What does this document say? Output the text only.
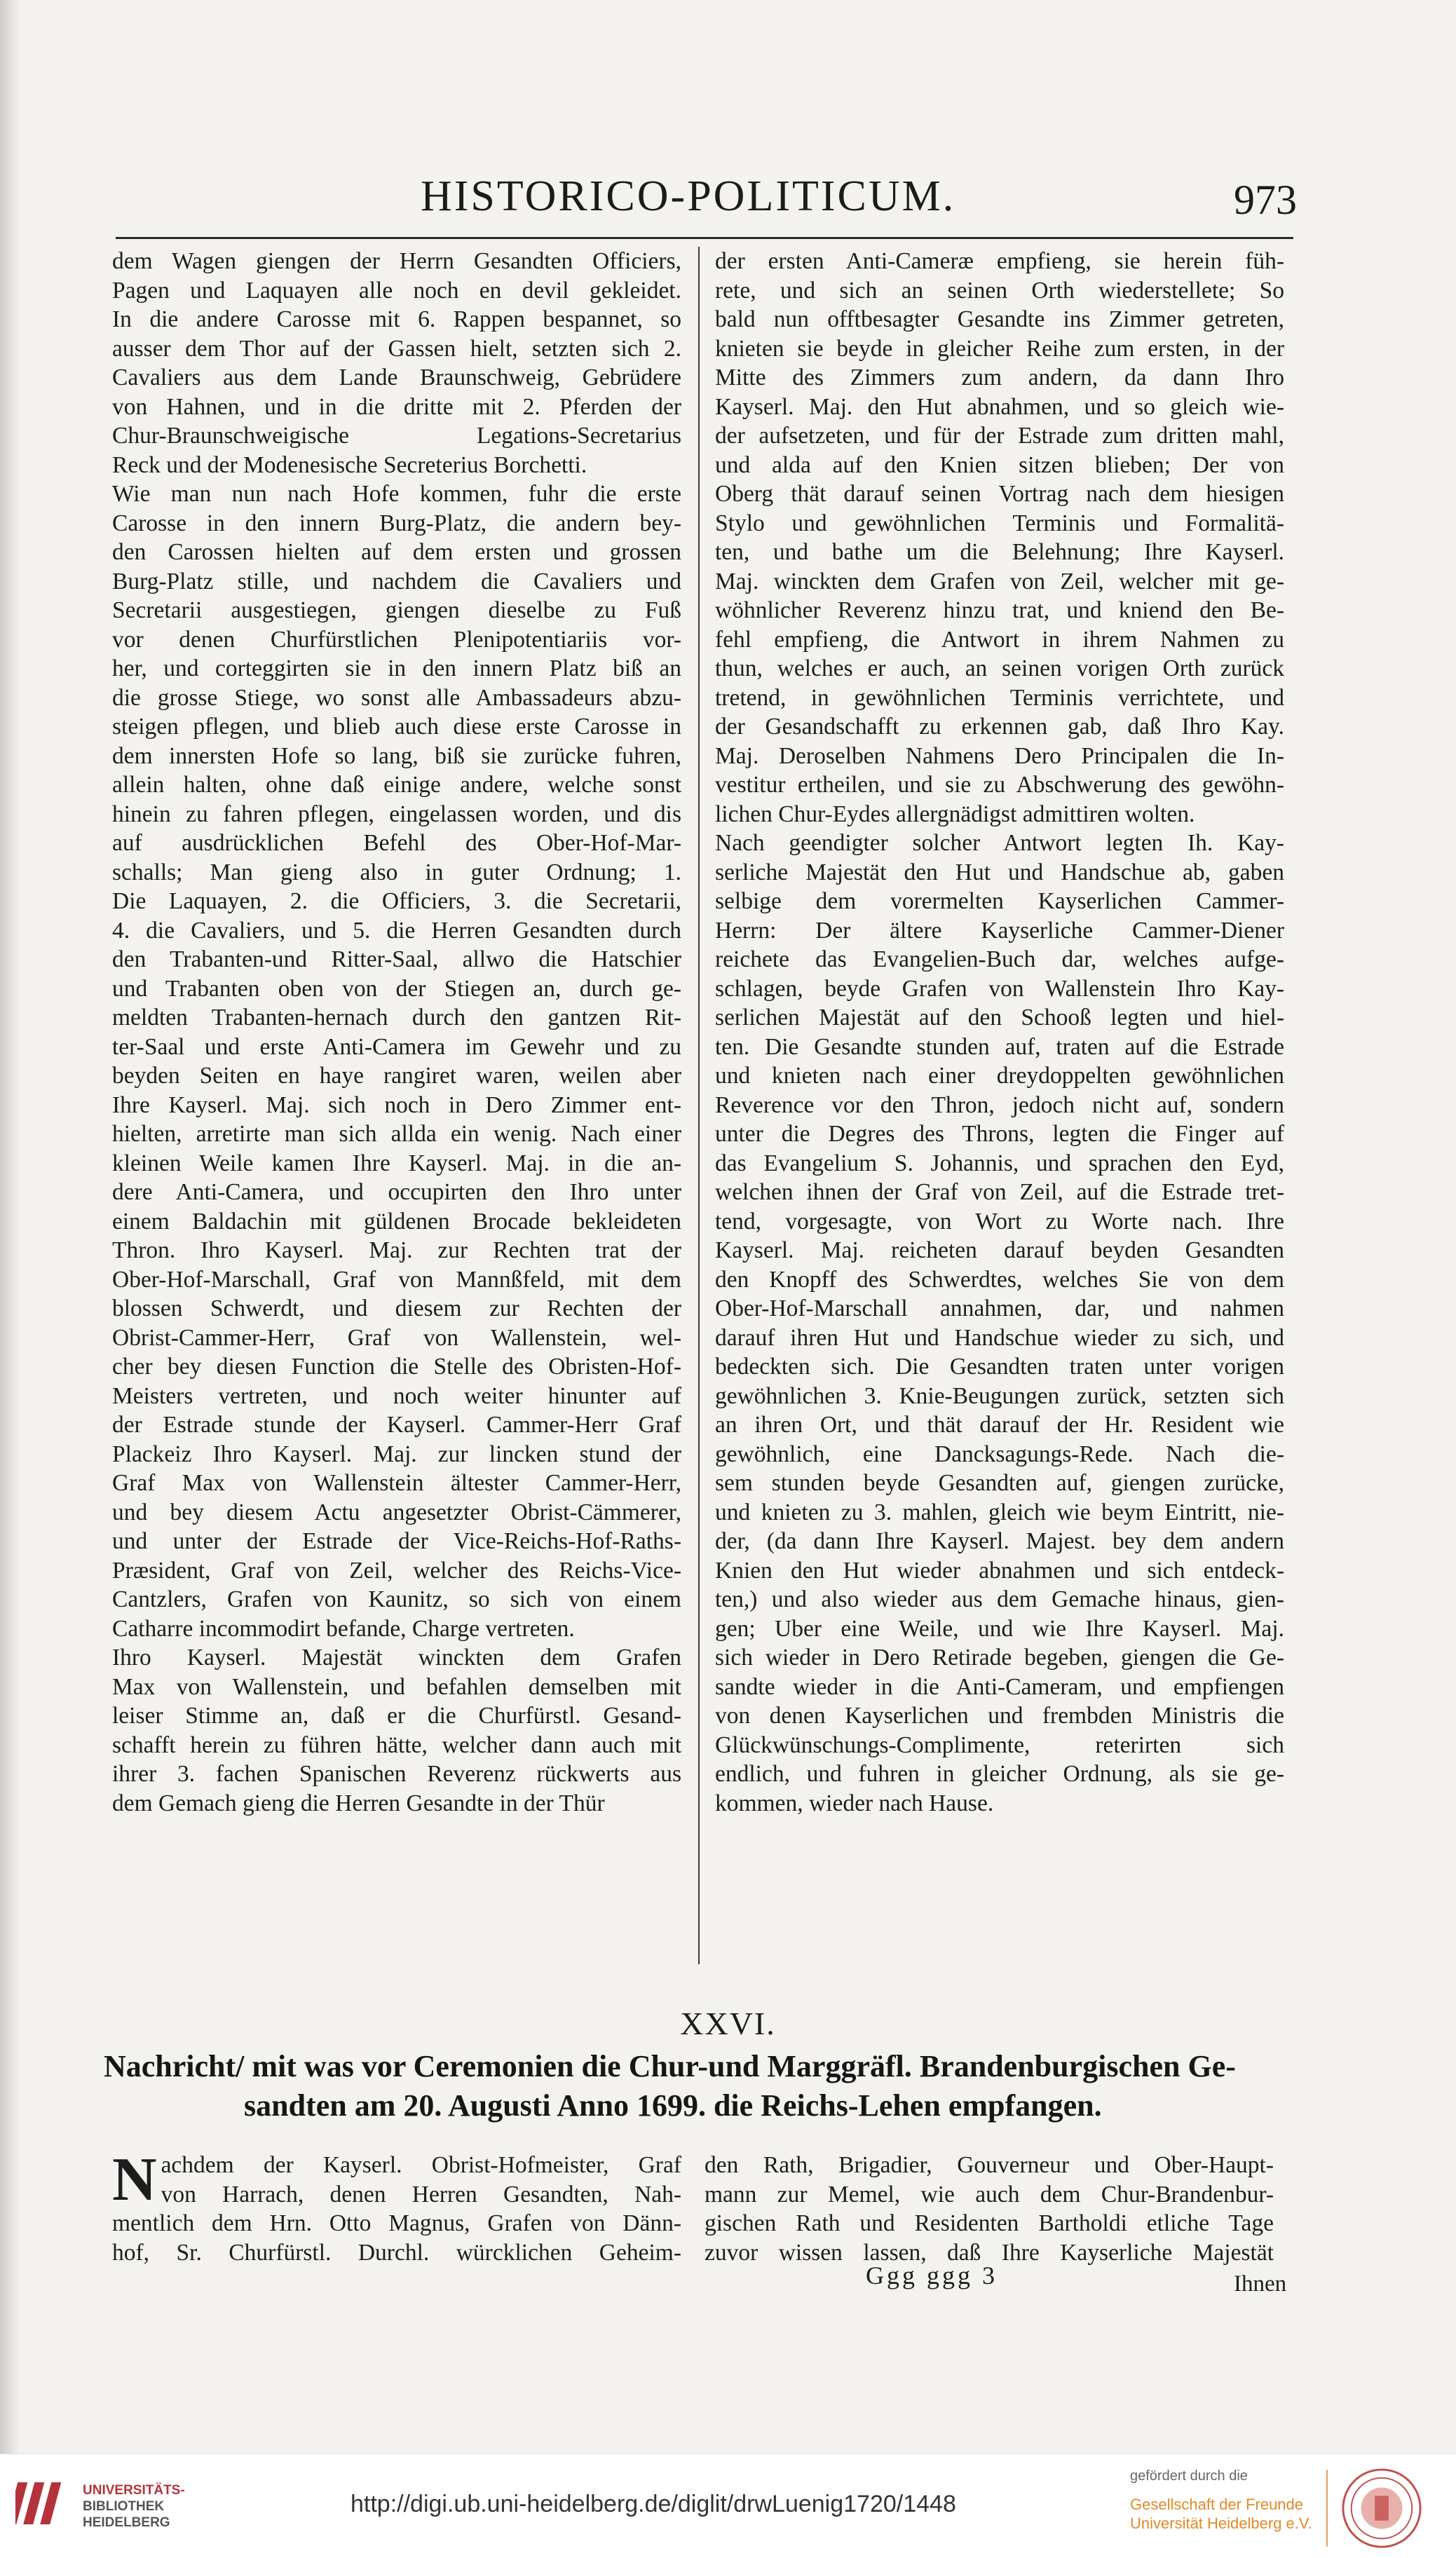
HISTORICO-POLITICUM.	973
dem Wagen giengen der Herrn Gesandten Officiers,
Pagen und Laquayen alle noch en devil gekleidet.
In die andere Carosse mit 6. Rappen bespannet, so
ausser dem Thor auf der Gassen hielt, setzten sich 2.
Cavaliers aus dem Lande Braunschweig, Gebrüdere
von Hahnen, und in die dritte mit 2. Pferden der
Chur-Braunschweigische Legations-Secretarius
Reck und der Modenesische Secreterius Borchetti.
Wie man nun nach Hofe kommen, fuhr die erste
Carosse in den innern Burg-Platz, die andern bey-
den Carossen hielten auf dem ersten und grossen
Burg-Platz stille, und nachdem die Cavaliers und
Secretarii ausgestiegen, giengen dieselbe zu Fuß
vor denen Churfürstlichen Plenipotentiariis vor-
her, und corteggirten sie in den innern Platz biß an
die grosse Stiege, wo sonst alle Ambassadeurs abzu-
steigen pflegen, und blieb auch diese erste Carosse in
dem innersten Hofe so lang, biß sie zurücke fuhren,
allein halten, ohne daß einige andere, welche sonst
hinein zu fahren pflegen, eingelassen worden, und dis
auf ausdrücklichen Befehl des Ober-Hof-Mar-
schalls; Man gieng also in guter Ordnung; 1.
Die Laquayen, 2. die Officiers, 3. die Secretarii,
4. die Cavaliers, und 5. die Herren Gesandten durch
den Trabanten-und Ritter-Saal, allwo die Hatschier
und Trabanten oben von der Stiegen an, durch ge-
meldten Trabanten-hernach durch den gantzen Rit-
ter-Saal und erste Anti-Camera im Gewehr und zu
beyden Seiten en haye rangiret waren, weilen aber
Ihre Kayserl. Maj. sich noch in Dero Zimmer ent-
hielten, arretirte man sich allda ein wenig. Nach einer
kleinen Weile kamen Ihre Kayserl. Maj. in die an-
dere Anti-Camera, und occupirten den Ihro unter
einem Baldachin mit güldenen Brocade bekleideten
Thron. Ihro Kayserl. Maj. zur Rechten trat der
Ober-Hof-Marschall, Graf von Mannßfeld, mit dem
blossen Schwerdt, und diesem zur Rechten der
Obrist-Cammer-Herr, Graf von Wallenstein, wel-
cher bey diesen Function die Stelle des Obristen-Hof-
Meisters vertreten, und noch weiter hinunter auf
der Estrade stunde der Kayserl. Cammer-Herr Graf
Plackeiz Ihro Kayserl. Maj. zur lincken stund der
Graf Max von Wallenstein ältester Cammer-Herr,
und bey diesem Actu angesetzter Obrist-Cämmerer,
und unter der Estrade der Vice-Reichs-Hof-Raths-
Præsident, Graf von Zeil, welcher des Reichs-Vice-
Cantzlers, Grafen von Kaunitz, so sich von einem
Catharre incommodirt befande, Charge vertreten.
Ihro Kayserl. Majestät winckten dem Grafen
Max von Wallenstein, und befahlen demselben mit
leiser Stimme an, daß er die Churfürstl. Gesand-
schafft herein zu führen hätte, welcher dann auch mit
ihrer 3. fachen Spanischen Reverenz rückwerts aus
dem Gemach gieng die Herren Gesandte in der Thür
der ersten Anti-Cameræ empfieng, sie herein füh-
rete, und sich an seinen Orth wiederstellete; So
bald nun offtbesagter Gesandte ins Zimmer getreten,
knieten sie beyde in gleicher Reihe zum ersten, in der
Mitte des Zimmers zum andern, da dann Ihro
Kayserl. Maj. den Hut abnahmen, und so gleich wie-
der aufsetzeten, und für der Estrade zum dritten mahl,
und alda auf den Knien sitzen blieben; Der von
Oberg thät darauf seinen Vortrag nach dem hiesigen
Stylo und gewöhnlichen Terminis und Formalitä-
ten, und bathe um die Belehnung; Ihre Kayserl.
Maj. winckten dem Grafen von Zeil, welcher mit ge-
wöhnlicher Reverenz hinzu trat, und kniend den Be-
fehl empfieng, die Antwort in ihrem Nahmen zu
thun, welches er auch, an seinen vorigen Orth zurück
tretend, in gewöhnlichen Terminis verrichtete, und
der Gesandschafft zu erkennen gab, daß Ihro Kay.
Maj. Deroselben Nahmens Dero Principalen die In-
vestitur ertheilen, und sie zu Abschwerung des gewöhn-
lichen Chur-Eydes allergnädigst admittiren wolten.
Nach geendigter solcher Antwort legten Ih. Kay-
serliche Majestät den Hut und Handschue ab, gaben
selbige dem vorermelten Kayserlichen Cammer-
Herrn: Der ältere Kayserliche Cammer-Diener
reichete das Evangelien-Buch dar, welches aufge-
schlagen, beyde Grafen von Wallenstein Ihro Kay-
serlichen Majestät auf den Schooß legten und hiel-
ten. Die Gesandte stunden auf, traten auf die Estrade
und knieten nach einer dreydoppelten gewöhnlichen
Reverence vor den Thron, jedoch nicht auf, sondern
unter die Degres des Throns, legten die Finger auf
das Evangelium S. Johannis, und sprachen den Eyd,
welchen ihnen der Graf von Zeil, auf die Estrade tret-
tend, vorgesagte, von Wort zu Worte nach. Ihre
Kayserl. Maj. reicheten darauf beyden Gesandten
den Knopff des Schwerdtes, welches Sie von dem
Ober-Hof-Marschall annahmen, dar, und nahmen
darauf ihren Hut und Handschue wieder zu sich, und
bedeckten sich. Die Gesandten traten unter vorigen
gewöhnlichen 3. Knie-Beugungen zurück, setzten sich
an ihren Ort, und thät darauf der Hr. Resident wie
gewöhnlich, eine Dancksagungs-Rede. Nach die-
sem stunden beyde Gesandten auf, giengen zurücke,
und knieten zu 3. mahlen, gleich wie beym Eintritt, nie-
der, (da dann Ihre Kayserl. Majest. bey dem andern
Knien den Hut wieder abnahmen und sich entdeck-
ten,) und also wieder aus dem Gemache hinaus, gien-
gen; Uber eine Weile, und wie Ihre Kayserl. Maj.
sich wieder in Dero Retirade begeben, giengen die Ge-
sandte wieder in die Anti-Cameram, und empfiengen
von denen Kayserlichen und frembden Ministris die
Glückwünschungs-Complimente, reterirten sich
endlich, und fuhren in gleicher Ordnung, als sie ge-
kommen, wieder nach Hause.
XXVI.
Nachricht/ mit was vor Ceremonien die Chur-und Marggräfl. Brandenburgischen Ge-
sandten am 20. Augusti Anno 1699. die Reichs-Lehen empfangen.
N achdem der Kayserl. Obrist-Hofmeister, Graf
von Harrach, denen Herren Gesandten, Nah-
mentlich dem Hrn. Otto Magnus, Grafen von Dänn-
hof, Sr. Churfürstl. Durchl. würcklichen Geheim-
den Rath, Brigadier, Gouverneur und Ober-Haupt-
mann zur Memel, wie auch dem Chur-Brandenbur-
gischen Rath und Residenten Bartholdi etliche Tage
zuvor wissen lassen, daß Ihre Kayserliche Majestät
Ggg ggg 3	Ihnen
UNIVERSITÄTS-
BIBLIOTHEK
HEIDELBERG
http://digi.ub.uni-heidelberg.de/diglit/drwLuenig1720/1448
gefördert durch die
Gesellschaft der Freunde
Universität Heidelberg e.V.
